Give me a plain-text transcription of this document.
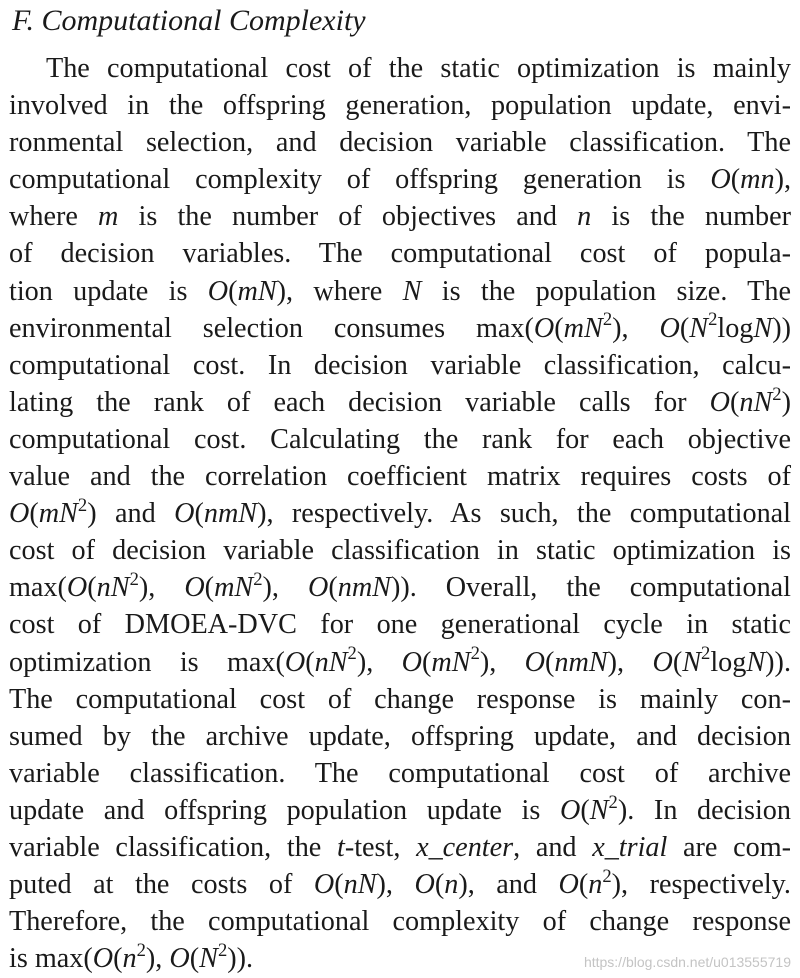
F. Computational Complexity
The computational cost of the static optimization is mainly
involved in the offspring generation, population update, envi-
ronmental selection, and decision variable classification. The
computational complexity of offspring generation is O(mn),
where m is the number of objectives and n is the number
of decision variables. The computational cost of popula-
tion update is O(mN), where N is the population size. The
environmental selection consumes $\max(O(mN^2)$, $O(N^2\log N)$)
computational cost. In decision variable classification, calcu-
lating the rank of each decision variable calls for $O(nN^2)$
computational cost. Calculating the rank for each objective
value and the correlation coefficient matrix requires costs of
$O(mN^2)$ and O(nmN), respectively. As such, the computational
cost of decision variable classification in static optimization is
$\max(O(nN^2)$, $O(mN^2)$, O(nmN)). Overall, the computational
cost of DMOEA-DVC for one generational cycle in static
optimization is $\max(O(nN^2)$, $O(mN^2)$, O(nmN), $O(N^2\log N)$).
The computational cost of change response is mainly con-
sumed by the archive update, offspring update, and decision
variable classification. The computational cost of archive
update and offspring population update is $O(N^2)$. In decision
variable classification, the t-test, x_center, and x_trial are com-
puted at the costs of O(nN), O(n), and $O(n^2)$, respectively.
Therefore, the computational complexity of change response
is $\max(O(n^2)$, $O(N^2)$).	https://blog.csdn.net/u013555719
